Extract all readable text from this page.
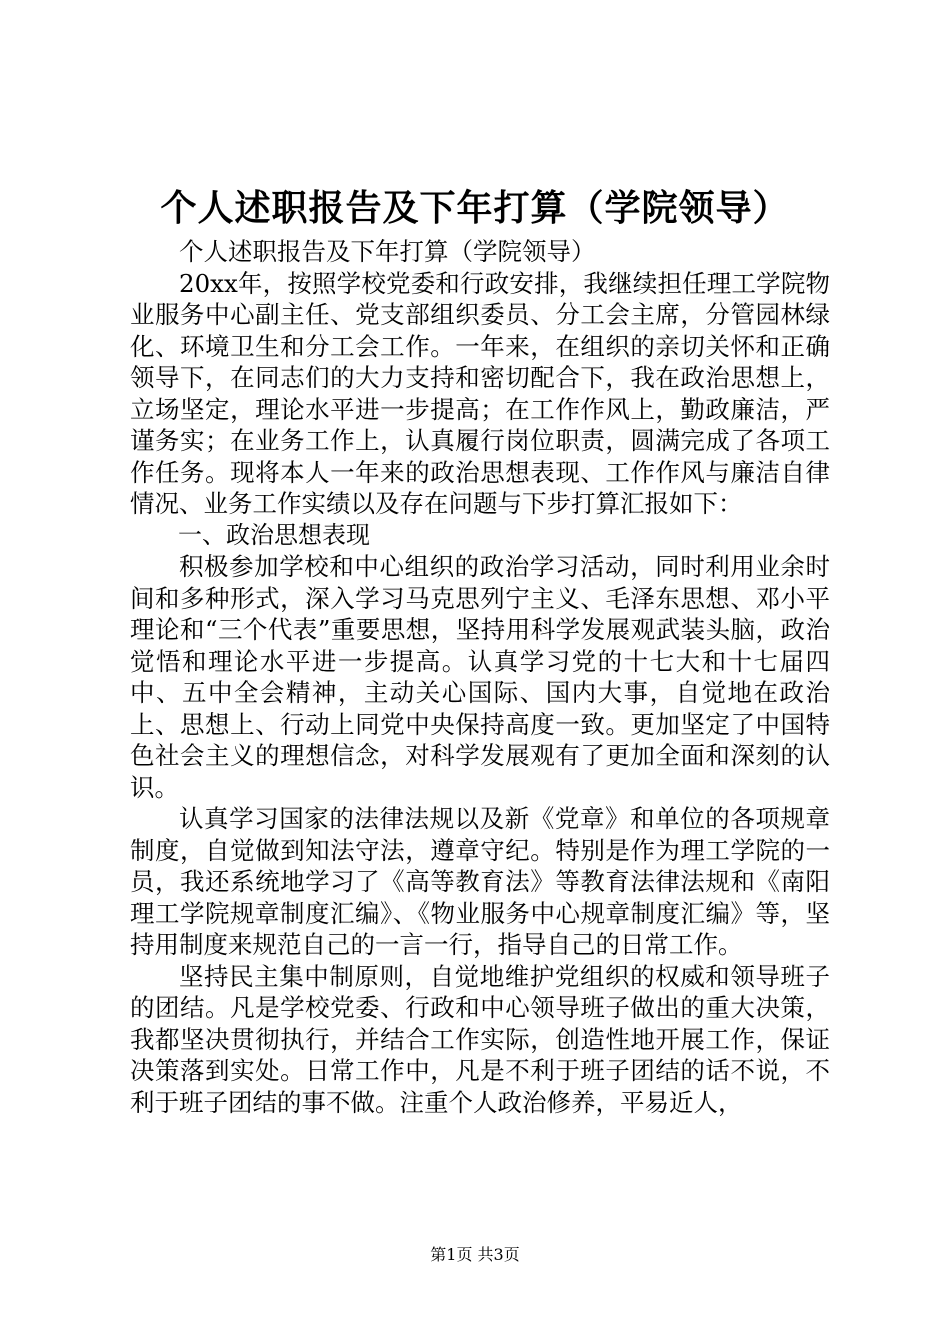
个人述职报告及下年打算（学院领导）

个人述职报告及下年打算（学院领导）

20xx年，按照学校党委和行政安排，我继续担任理工学院物业服务中心副主任、党支部组织委员、分工会主席，分管园林绿化、环境卫生和分工会工作。一年来，在组织的亲切关怀和正确领导下，在同志们的大力支持和密切配合下，我在政治思想上，立场坚定，理论水平进一步提高；在工作作风上，勤政廉洁，严谨务实；在业务工作上，认真履行岗位职责，圆满完成了各项工作任务。现将本人一年来的政治思想表现、工作作风与廉洁自律情况、业务工作实绩以及存在问题与下步打算汇报如下：

一、政治思想表现

积极参加学校和中心组织的政治学习活动，同时利用业余时间和多种形式，深入学习马克思列宁主义、毛泽东思想、邓小平理论和“三个代表”重要思想，坚持用科学发展观武装头脑，政治觉悟和理论水平进一步提高。认真学习党的十七大和十七届四中、五中全会精神，主动关心国际、国内大事，自觉地在政治上、思想上、行动上同党中央保持高度一致。更加坚定了中国特色社会主义的理想信念，对科学发展观有了更加全面和深刻的认识。

认真学习国家的法律法规以及新《党章》和单位的各项规章制度，自觉做到知法守法，遵章守纪。特别是作为理工学院的一员，我还系统地学习了《高等教育法》等教育法律法规和《南阳理工学院规章制度汇编》、《物业服务中心规章制度汇编》等，坚持用制度来规范自己的一言一行，指导自己的日常工作。

坚持民主集中制原则，自觉地维护党组织的权威和领导班子的团结。凡是学校党委、行政和中心领导班子做出的重大决策，我都坚决贯彻执行，并结合工作实际，创造性地开展工作，保证决策落到实处。日常工作中，凡是不利于班子团结的话不说，不利于班子团结的事不做。注重个人政治修养，平易近人，

第1页 共3页
